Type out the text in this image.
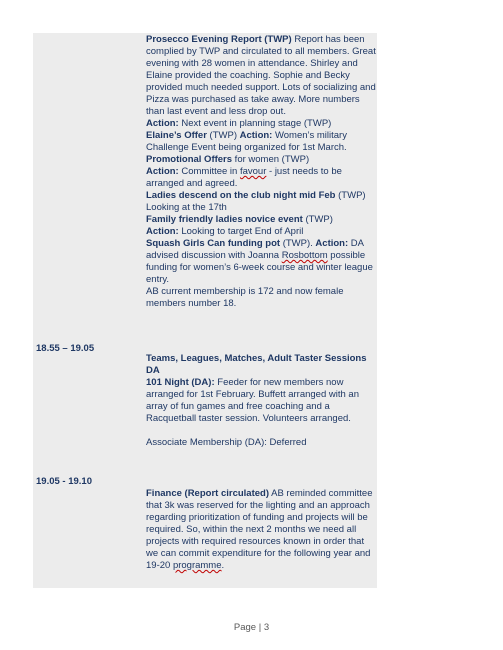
18.55 – 19.05
19.05 - 19.10

Prosecco Evening Report (TWP) Report has been complied by TWP and circulated to all members. Great evening with 28 women in attendance. Shirley and Elaine provided the coaching. Sophie and Becky provided much needed support. Lots of socializing and Pizza was purchased as take away. More numbers than last event and less drop out.

Action: Next event in planning stage (TWP)

Elaine’s Offer (TWP) Action: Women’s military Challenge Event being organized for 1st March.

Promotional Offers for women (TWP)

Action: Committee in favour - just needs to be arranged and agreed.

Ladies descend on the club night mid Feb (TWP) Looking at the 17th

Family friendly ladies novice event (TWP)

Action: Looking to target End of April

Squash Girls Can funding pot (TWP). Action: DA advised discussion with Joanna Rosbottom possible funding for women’s 6-week course and winter league entry.

AB current membership is 172 and now female members number 18.

Teams, Leagues, Matches, Adult Taster Sessions DA

101 Night (DA): Feeder for new members now arranged for 1st February. Buffett arranged with an array of fun games and free coaching and a Racquetball taster session. Volunteers arranged.

Associate Membership (DA): Deferred

Finance (Report circulated) AB reminded committee that 3k was reserved for the lighting and an approach regarding prioritization of funding and projects will be required. So, within the next 2 months we need all projects with required resources known in order that we can commit expenditure for the following year and 19-20 programme.

Page | 3
